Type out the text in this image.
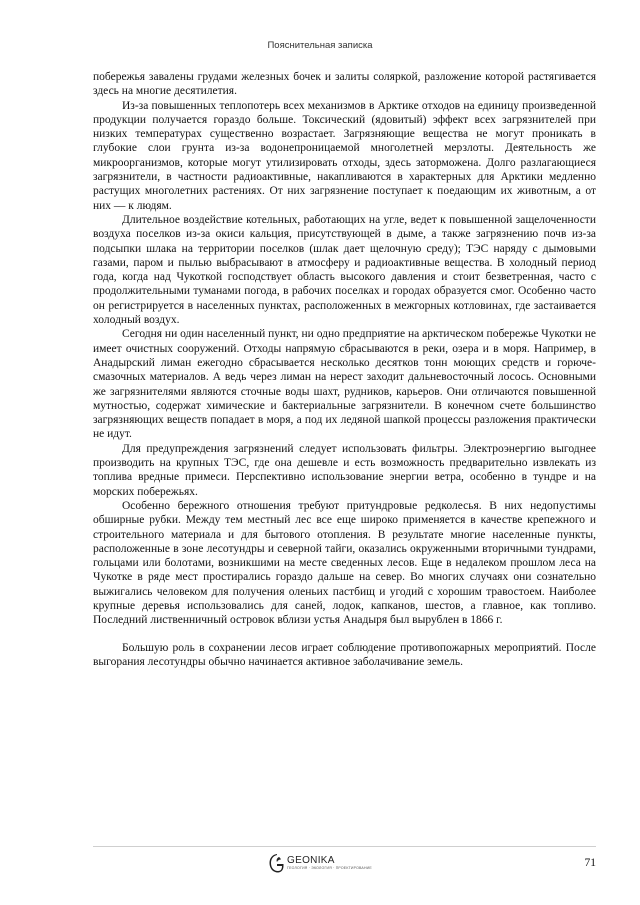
Пояснительная записка

побережья завалены грудами железных бочек и залиты соляркой, разложение которой растягивается здесь на многие десятилетия.

Из-за повышенных теплопотерь всех механизмов в Арктике отходов на единицу произведенной продукции получается гораздо больше. Токсический (ядовитый) эффект всех загрязнителей при низких температурах существенно возрастает. Загрязняющие вещества не могут проникать в глубокие слои грунта из-за водонепроницаемой многолетней мерзлоты. Деятельность же микроорганизмов, которые могут утилизировать отходы, здесь заторможена. Долго разлагающиеся загрязнители, в частности радиоактивные, накапливаются в характерных для Арктики медленно растущих многолетних растениях. От них загрязнение поступает к поедающим их животным, а от них — к людям.

Длительное воздействие котельных, работающих на угле, ведет к повышенной защелоченности воздуха поселков из-за окиси кальция, присутствующей в дыме, а также загрязнению почв из-за подсыпки шлака на территории поселков (шлак дает щелочную среду); ТЭС наряду с дымовыми газами, паром и пылью выбрасывают в атмосферу и радиоактивные вещества. В холодный период года, когда над Чукоткой господствует область высокого давления и стоит безветренная, часто с продолжительными туманами погода, в рабочих поселках и городах образуется смог. Особенно часто он регистрируется в населенных пунктах, расположенных в межгорных котловинах, где застаивается холодный воздух.

Сегодня ни один населенный пункт, ни одно предприятие на арктическом побережье Чукотки не имеет очистных сооружений. Отходы напрямую сбрасываются в реки, озера и в моря. Например, в Анадырский лиман ежегодно сбрасывается несколько десятков тонн моющих средств и горюче-смазочных материалов. А ведь через лиман на нерест заходит дальневосточный лосось. Основными же загрязнителями являются сточные воды шахт, рудников, карьеров. Они отличаются повышенной мутностью, содержат химические и бактериальные загрязнители. В конечном счете большинство загрязняющих веществ попадает в моря, а под их ледяной шапкой процессы разложения практически не идут.

Для предупреждения загрязнений следует использовать фильтры. Электроэнергию выгоднее производить на крупных ТЭС, где она дешевле и есть возможность предварительно извлекать из топлива вредные примеси. Перспективно использование энергии ветра, особенно в тундре и на морских побережьях.

Особенно бережного отношения требуют притундровые редколесья. В них недопустимы обширные рубки. Между тем местный лес все еще широко применяется в качестве крепежного и строительного материала и для бытового отопления. В результате многие населенные пункты, расположенные в зоне лесотундры и северной тайги, оказались окруженными вторичными тундрами, гольцами или болотами, возникшими на месте сведенных лесов. Еще в недалеком прошлом леса на Чукотке в ряде мест простирались гораздо дальше на север. Во многих случаях они сознательно выжигались человеком для получения оленьих пастбищ и угодий с хорошим травостоем. Наиболее крупные деревья использовались для саней, лодок, капканов, шестов, а главное, как топливо. Последний лиственничный островок вблизи устья Анадыря был вырублен в 1866 г.

Большую роль в сохранении лесов играет соблюдение противопожарных мероприятий. После выгорания лесотундры обычно начинается активное заболачивание земель.

GEONIKA
ГЕОЛОГИЯ · ЭКОЛОГИЯ · ПРОЕКТИРОВАНИЕ	71
